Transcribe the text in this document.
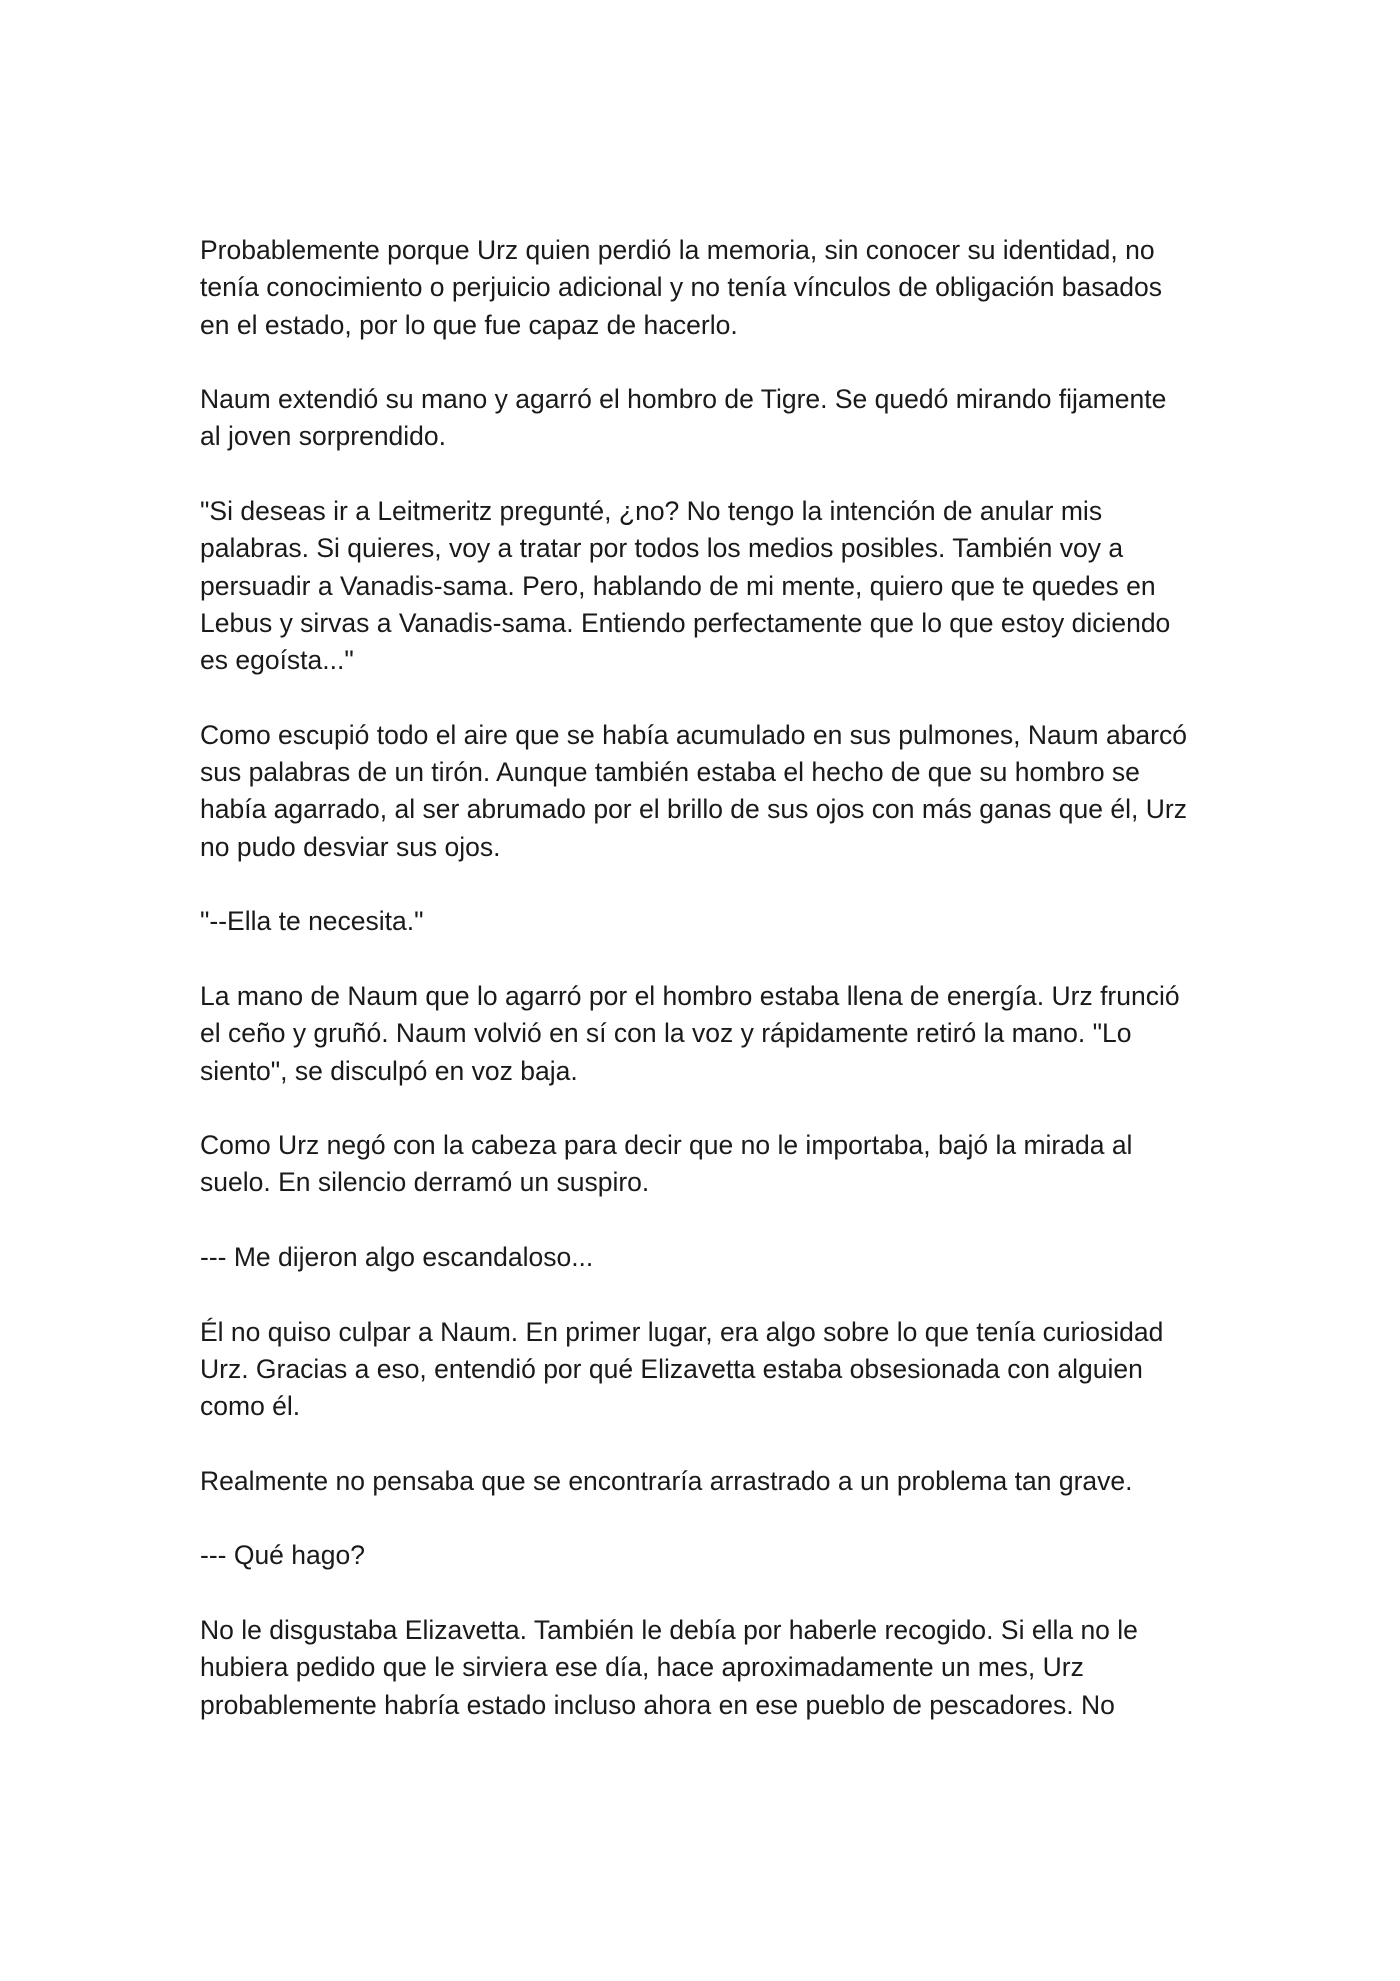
Probablemente porque Urz quien perdió la memoria, sin conocer su identidad, no tenía conocimiento o perjuicio adicional y no tenía vínculos de obligación basados en el estado, por lo que fue capaz de hacerlo.

Naum extendió su mano y agarró el hombro de Tigre. Se quedó mirando fijamente al joven sorprendido.

"Si deseas ir a Leitmeritz pregunté, ¿no? No tengo la intención de anular mis palabras. Si quieres, voy a tratar por todos los medios posibles. También voy a persuadir a Vanadis-sama. Pero, hablando de mi mente, quiero que te quedes en Lebus y sirvas a Vanadis-sama. Entiendo perfectamente que lo que estoy diciendo es egoísta..."

Como escupió todo el aire que se había acumulado en sus pulmones, Naum abarcó sus palabras de un tirón. Aunque también estaba el hecho de que su hombro se había agarrado, al ser abrumado por el brillo de sus ojos con más ganas que él, Urz no pudo desviar sus ojos.

"--Ella te necesita."

La mano de Naum que lo agarró por el hombro estaba llena de energía. Urz frunció el ceño y gruñó. Naum volvió en sí con la voz y rápidamente retiró la mano. "Lo siento", se disculpó en voz baja.

Como Urz negó con la cabeza para decir que no le importaba, bajó la mirada al suelo. En silencio derramó un suspiro.

--- Me dijeron algo escandaloso...

Él no quiso culpar a Naum. En primer lugar, era algo sobre lo que tenía curiosidad Urz. Gracias a eso, entendió por qué Elizavetta estaba obsesionada con alguien como él.

Realmente no pensaba que se encontraría arrastrado a un problema tan grave.

--- Qué hago?

No le disgustaba Elizavetta. También le debía por haberle recogido. Si ella no le hubiera pedido que le sirviera ese día, hace aproximadamente un mes, Urz probablemente habría estado incluso ahora en ese pueblo de pescadores. No
